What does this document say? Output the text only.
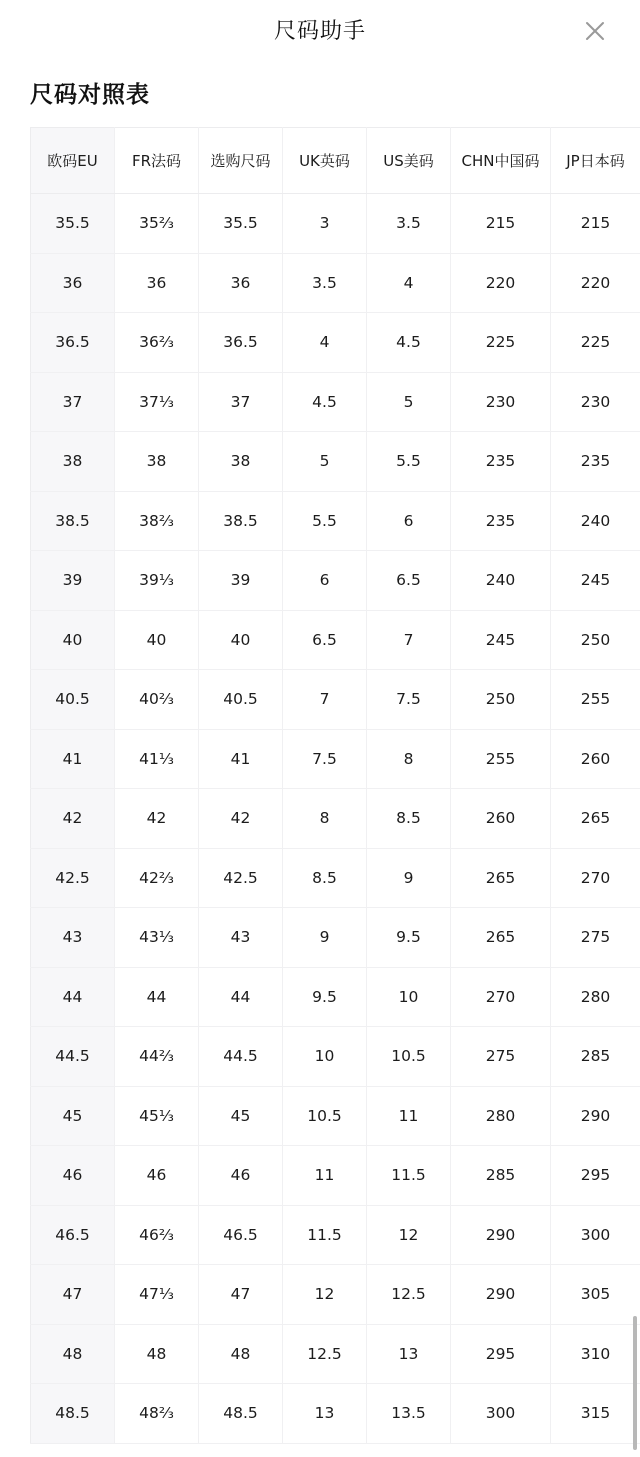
尺码助手
尺码对照表
欧码EU	FR法码	选购尺码	UK英码	US美码	CHN中国码	JP日本码
35.5	35⅔	35.5	3	3.5	215	215
36	36	36	3.5	4	220	220
36.5	36⅔	36.5	4	4.5	225	225
37	37⅓	37	4.5	5	230	230
38	38	38	5	5.5	235	235
38.5	38⅔	38.5	5.5	6	235	240
39	39⅓	39	6	6.5	240	245
40	40	40	6.5	7	245	250
40.5	40⅔	40.5	7	7.5	250	255
41	41⅓	41	7.5	8	255	260
42	42	42	8	8.5	260	265
42.5	42⅔	42.5	8.5	9	265	270
43	43⅓	43	9	9.5	265	275
44	44	44	9.5	10	270	280
44.5	44⅔	44.5	10	10.5	275	285
45	45⅓	45	10.5	11	280	290
46	46	46	11	11.5	285	295
46.5	46⅔	46.5	11.5	12	290	300
47	47⅓	47	12	12.5	290	305
48	48	48	12.5	13	295	310
48.5	48⅔	48.5	13	13.5	300	315
